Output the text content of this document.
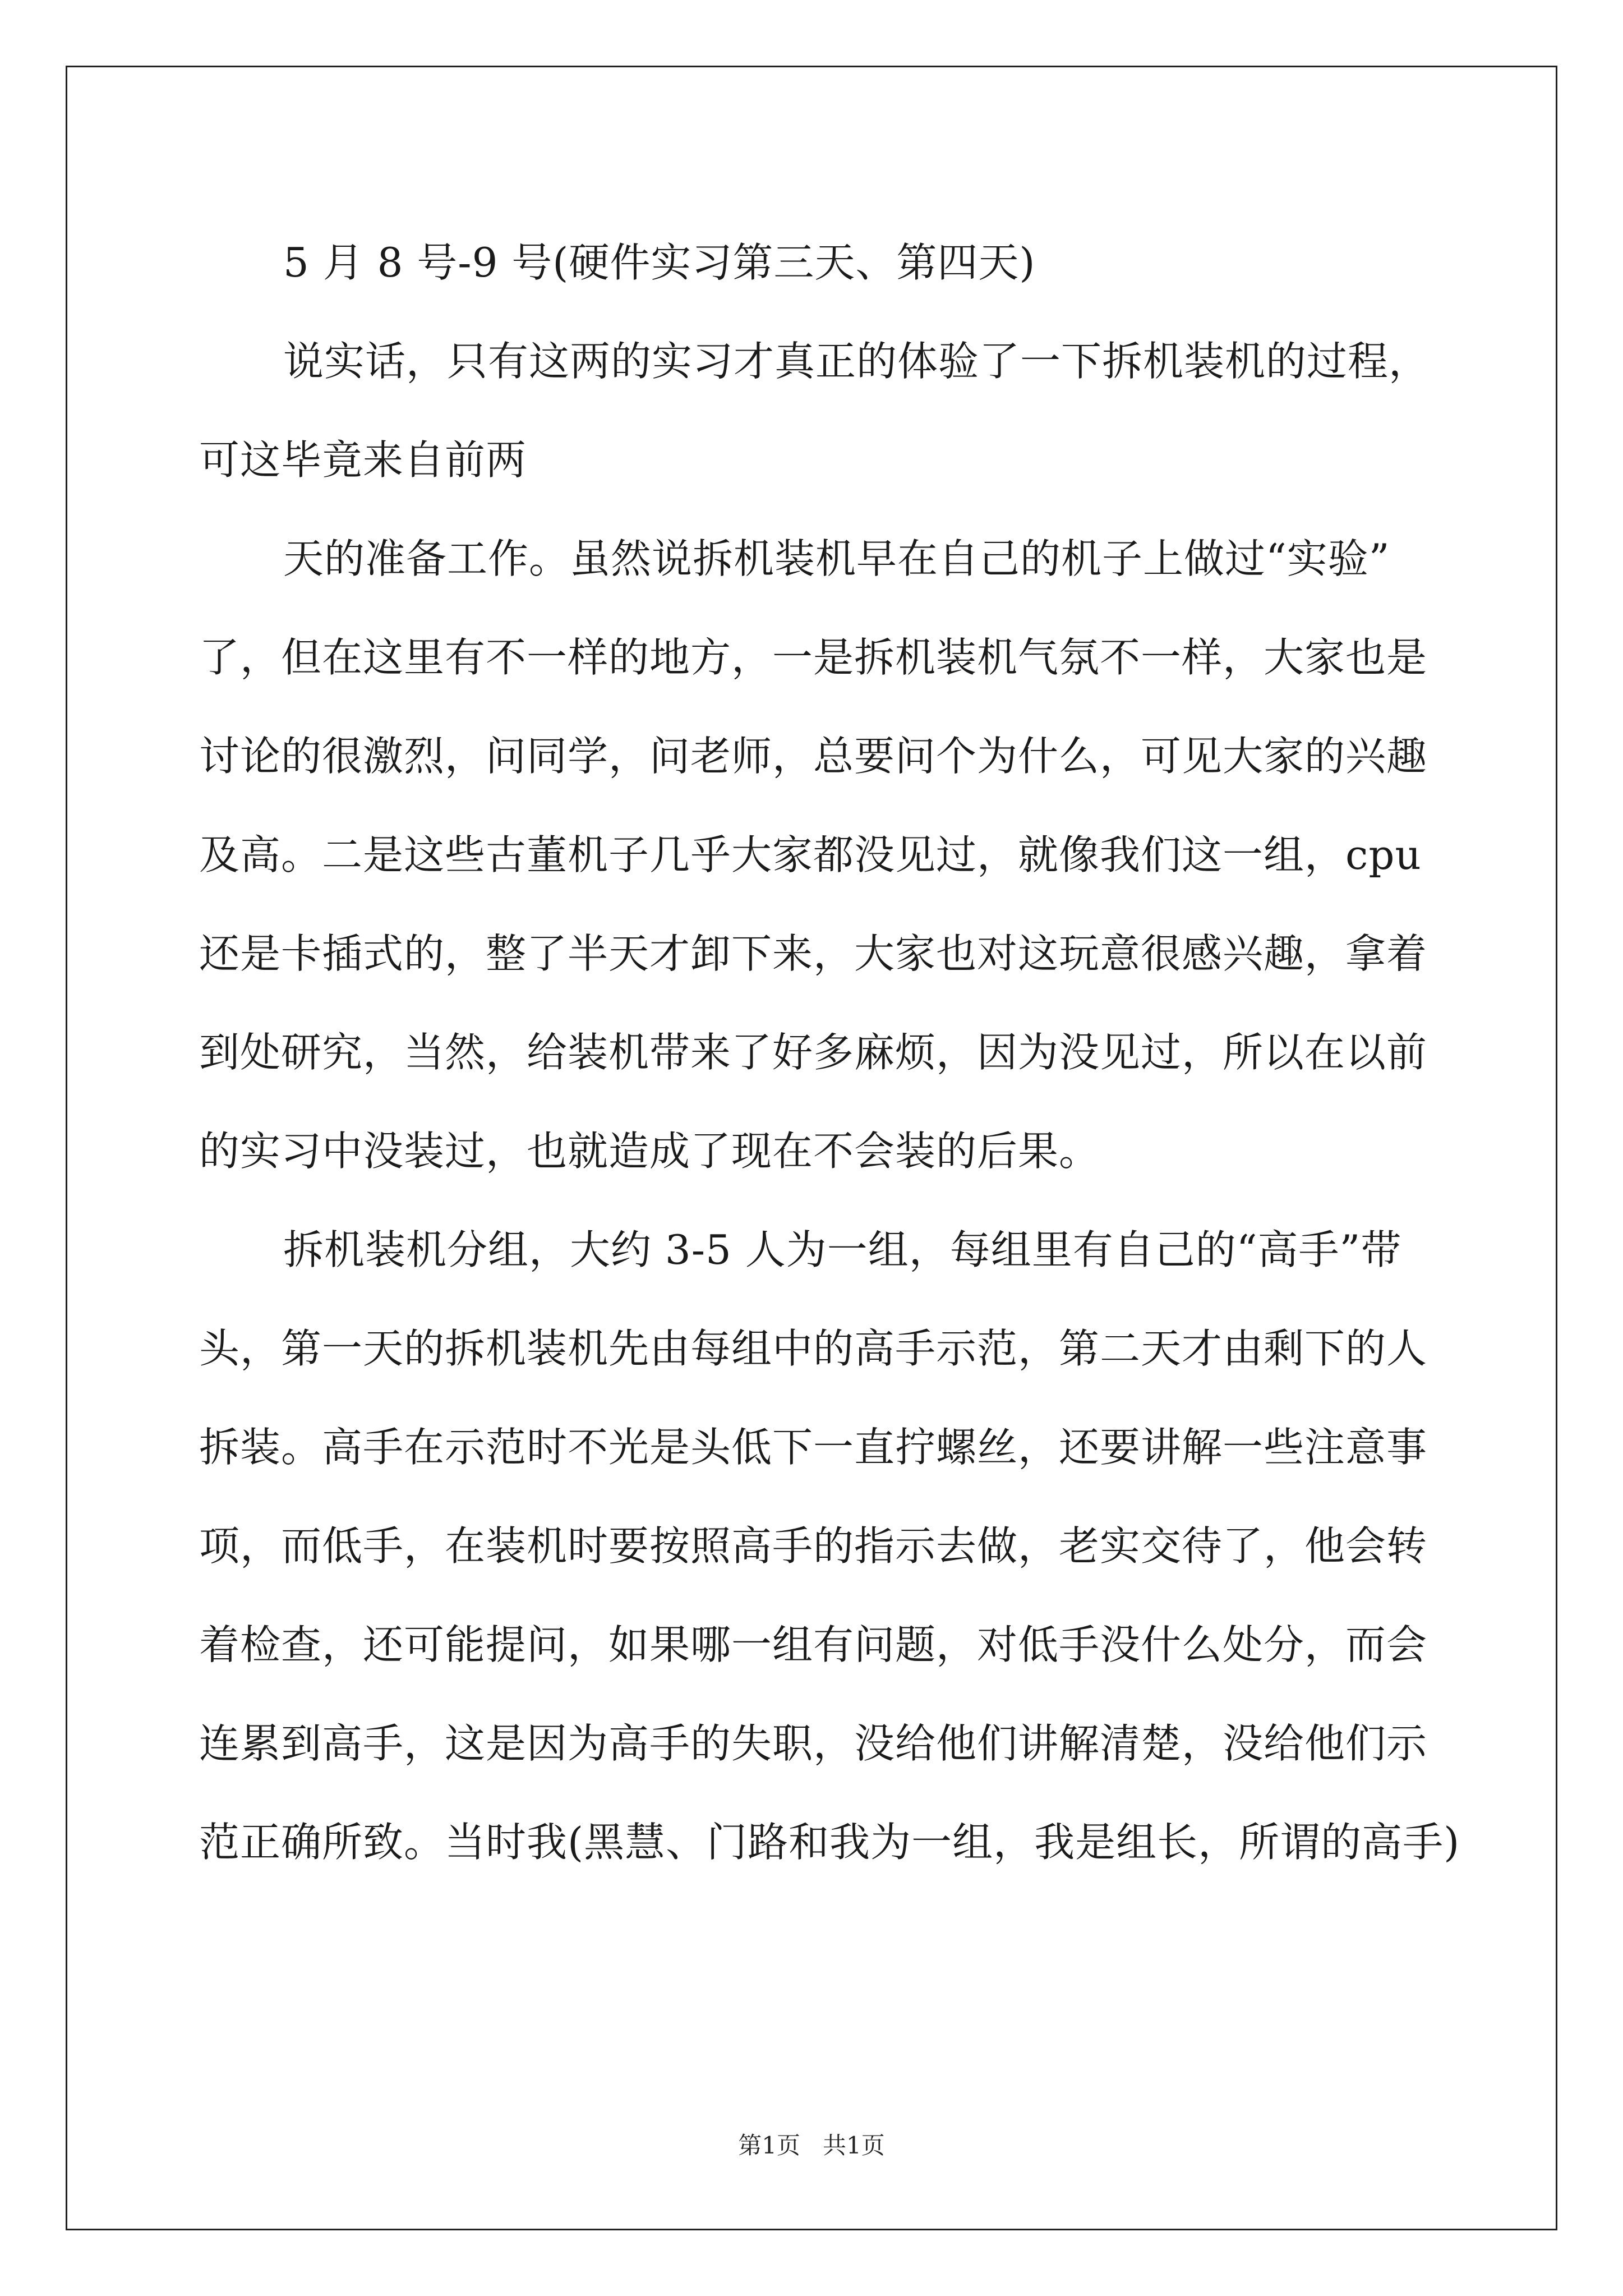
5 月 8 号-9 号(硬件实习第三天、第四天)
说实话，只有这两的实习才真正的体验了一下拆机装机的过程，
可这毕竟来自前两
天的准备工作。虽然说拆机装机早在自己的机子上做过“实验”
了，但在这里有不一样的地方，一是拆机装机气氛不一样，大家也是
讨论的很激烈，问同学，问老师，总要问个为什么，可见大家的兴趣
及高。二是这些古董机子几乎大家都没见过，就像我们这一组，cpu
还是卡插式的，整了半天才卸下来，大家也对这玩意很感兴趣，拿着
到处研究，当然，给装机带来了好多麻烦，因为没见过，所以在以前
的实习中没装过，也就造成了现在不会装的后果。
拆机装机分组，大约 3-5 人为一组，每组里有自己的“高手”带
头，第一天的拆机装机先由每组中的高手示范，第二天才由剩下的人
拆装。高手在示范时不光是头低下一直拧螺丝，还要讲解一些注意事
项，而低手，在装机时要按照高手的指示去做，老实交待了，他会转
着检查，还可能提问，如果哪一组有问题，对低手没什么处分，而会
连累到高手，这是因为高手的失职，没给他们讲解清楚，没给他们示
范正确所致。当时我(黑慧、门路和我为一组，我是组长，所谓的高手)
第1页 共1页
